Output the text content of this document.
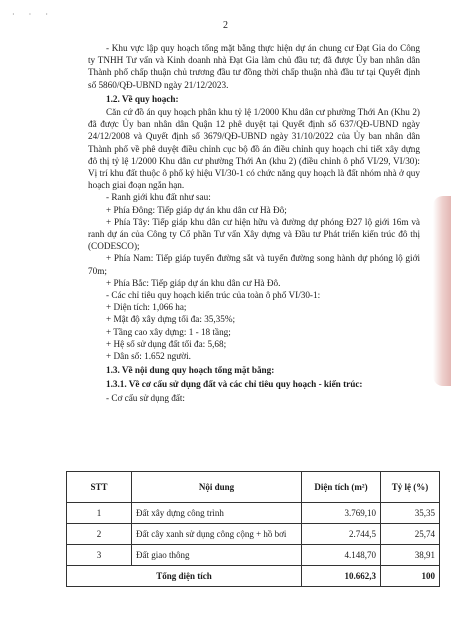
· · ·
2

- Khu vực lập quy hoạch tổng mặt bằng thực hiện dự án chung cư Đạt Gia do Công ty TNHH Tư vấn và Kinh doanh nhà Đạt Gia làm chủ đầu tư; đã được Ủy ban nhân dân Thành phố chấp thuận chủ trương đầu tư đồng thời chấp thuận nhà đầu tư tại Quyết định số 5860/QĐ-UBND ngày 21/12/2023.

1.2. Về quy hoạch:

Căn cứ đồ án quy hoạch phân khu tỷ lệ 1/2000 Khu dân cư phường Thới An (Khu 2) đã được Ủy ban nhân dân Quận 12 phê duyệt tại Quyết định số 637/QĐ-UBND ngày 24/12/2008 và Quyết định số 3679/QĐ-UBND ngày 31/10/2022 của Ủy ban nhân dân Thành phố về phê duyệt điều chỉnh cục bộ đồ án điều chỉnh quy hoạch chi tiết xây dựng đô thị tỷ lệ 1/2000 Khu dân cư phường Thới An (khu 2) (điều chỉnh ô phố VI/29, VI/30): Vị trí khu đất thuộc ô phố ký hiệu VI/30-1 có chức năng quy hoạch là đất nhóm nhà ở quy hoạch giai đoạn ngắn hạn.

- Ranh giới khu đất như sau:

+ Phía Đông: Tiếp giáp dự án khu dân cư Hà Đô;

+ Phía Tây: Tiếp giáp khu dân cư hiện hữu và đường dự phóng Đ27 lộ giới 16m và ranh dự án của Công ty Cổ phần Tư vấn Xây dựng và Đầu tư Phát triển kiến trúc đô thị (CODESCO);

+ Phía Nam: Tiếp giáp tuyến đường sắt và tuyến đường song hành dự phóng lộ giới 70m;

+ Phía Bắc: Tiếp giáp dự án khu dân cư Hà Đô.

- Các chỉ tiêu quy hoạch kiến trúc của toàn ô phố VI/30-1:

+ Diện tích: 1,066 ha;

+ Mật độ xây dựng tối đa: 35,35%;

+ Tầng cao xây dựng: 1 - 18 tầng;

+ Hệ số sử dụng đất tối đa: 5,68;

+ Dân số: 1.652 người.

1.3. Về nội dung quy hoạch tổng mặt bằng:

1.3.1. Về cơ cấu sử dụng đất và các chỉ tiêu quy hoạch - kiến trúc:

- Cơ cấu sử dụng đất:

STT	Nội dung	Diện tích (m²)	Tỷ lệ (%)
1	Đất xây dựng công trình	3.769,10	35,35
2	Đất cây xanh sử dụng công cộng + hồ bơi	2.744,5	25,74
3	Đất giao thông	4.148,70	38,91
Tổng diện tích		10.662,3	100
